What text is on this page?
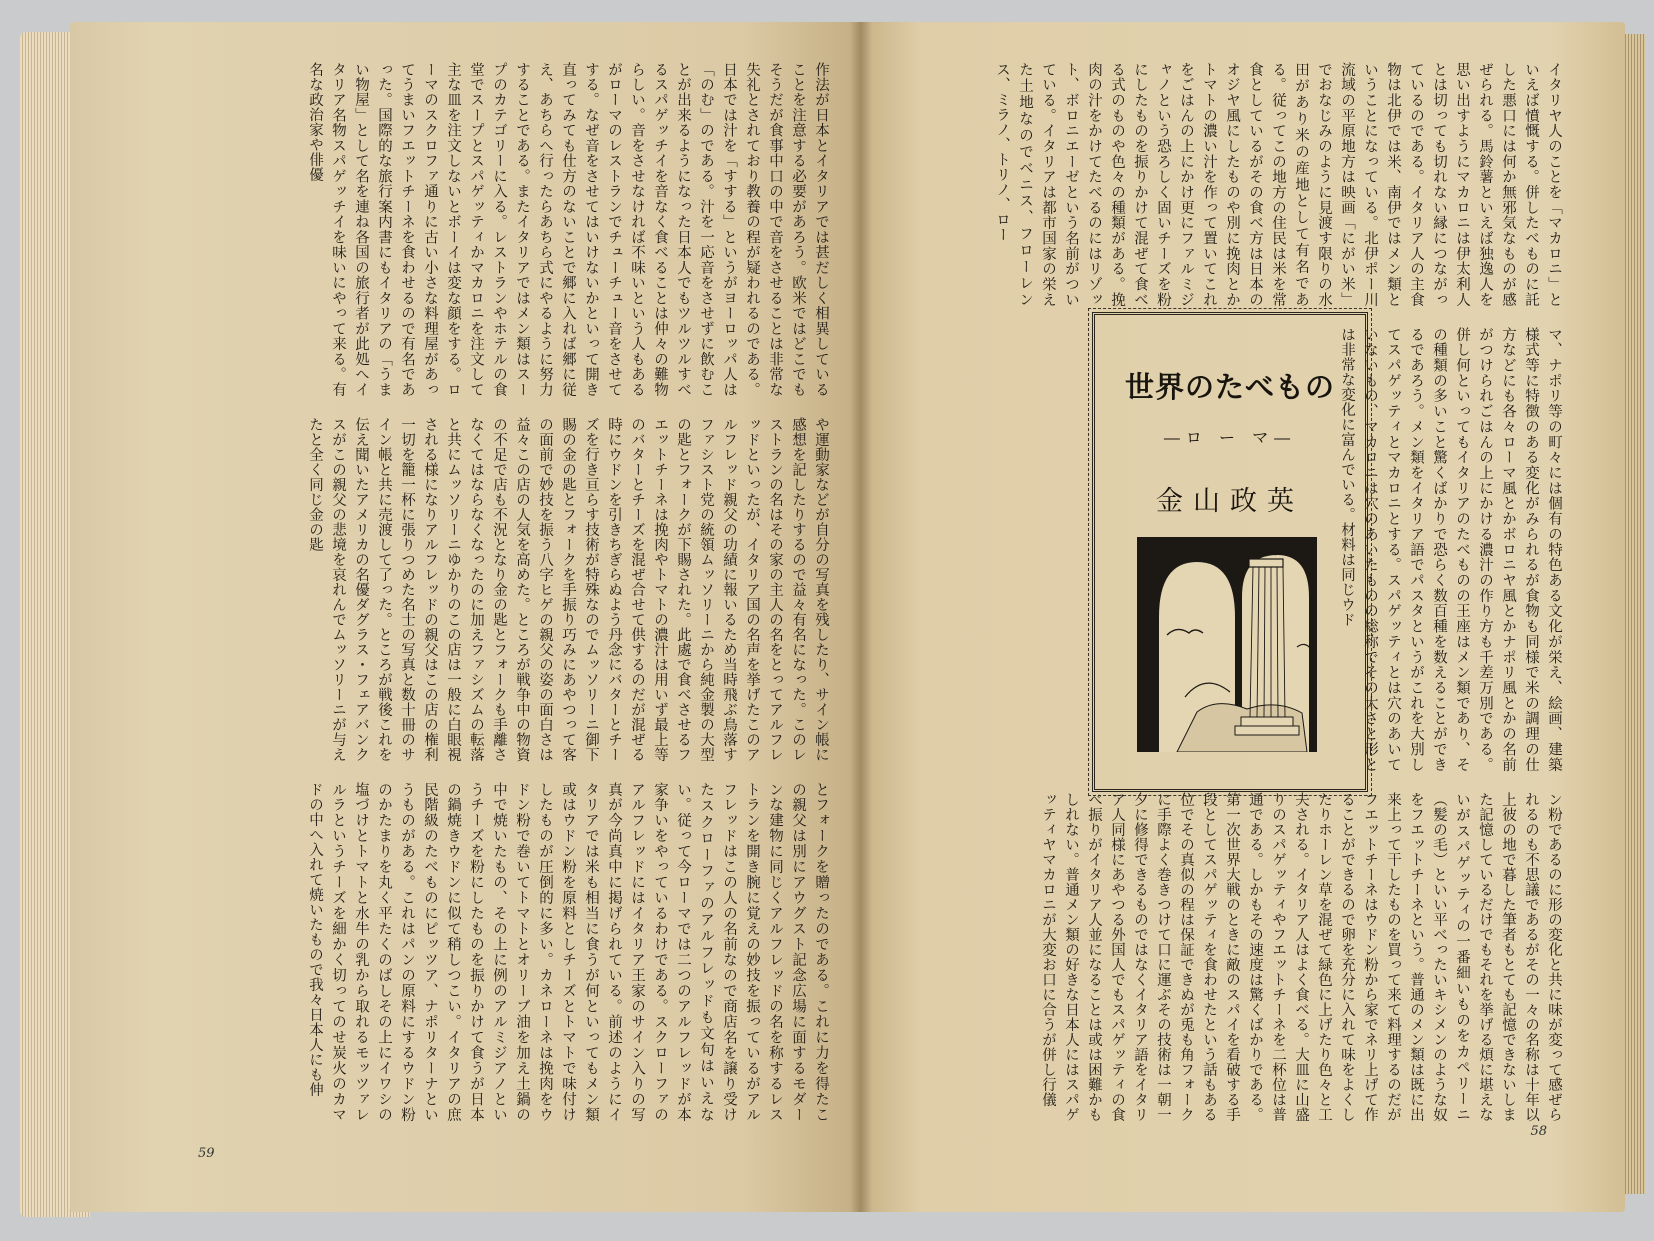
作法が日本とイタリアでは甚だしく相異していることを注意する必要があろう。欧米ではどこでもそうだが食事中口の中で音をさせることは非常な失礼とされており教養の程が疑われるのである。日本では汁を「すする」というがヨーロッパ人は「のむ」のである。汁を一応音をさせずに飲むことが出来るようになった日本人でもツルツルすべるスパゲッチイを音なく食べることは仲々の難物らしい。音をさせなければ不味いという人もあるがローマのレストランでチューチュー音をさせてする。なぜ音をさせてはいけないかといって開き直ってみても仕方のないことで郷に入れば郷に従え、あちらへ行ったらあちら式にやるように努力することである。またイタリアではメン類はスープのカテゴリーに入る。レストランやホテルの食堂でスープとスパゲッティかマカロニを注文して主な皿を注文しないとボーイは変な顔をする。ローマのスクロファ通りに古い小さな料理屋があってうまいフエットチーネを食わせるので有名であった。国際的な旅行案内書にもイタリアの「うまい物屋」として名を連ね各国の旅行者が此処へイタリア名物スパゲッチイを味いにやって来る。有名な政治家や俳優
や運動家などが自分の写真を残したり、サイン帳に感想を記したりするので益々有名になった。このレストランの名はその家の主人の名をとってアルフレッドといったが、イタリア国の名声を挙げたこのアルフレッド親父の功績に報いるため当時飛ぶ鳥落すファシスト党の統領ムッソリーニから純金製の大型の匙とフォークが下賜された。此處で食べさせるフエットチーネは挽肉やトマトの濃汁は用いず最上等のバターとチーズを混ぜ合せて供するのだが混ぜる時にウドンを引きちぎらぬよう丹念にバターとチーズを行き亘らす技術が特殊なのでムッソリーニ御下賜の金の匙とフォークを手振り巧みにあやつって客の面前で妙技を振う八字ヒゲの親父の姿の面白さは益々この店の人気を高めた。ところが戦争中の物資の不足で店も不況となり金の匙とフォークも手離さなくてはならなくなったのに加えファシズムの転落と共にムッソリーニゆかりのこの店は一般に白眼視される様になりアルフレッドの親父はこの店の権利一切を籠一杯に張りつめた名士の写真と数十冊のサイン帳と共に売渡して了った。ところが戦後これを伝え聞いたアメリカの名優ダグラス・フェアバンクスがこの親父の悲境を哀れんでムッソリーニが与えたと全く同じ金の匙
とフォークを贈ったのである。これに力を得たこの親父は別にアウグスト記念広場に面するモダーンな建物に同じくアルフレッドの名を称するレストランを開き腕に覚えの妙技を振っているがアルフレッドはこの人の名前なので商店名を譲り受けたスクローファのアルフレッドも文句はいえない。従って今ローマでは二つのアルフレッドが本家争いをやっているわけである。スクローファのアルフレッドにはイタリア王家のサイン入りの写真が今尚真中に掲げられている。前述のようにイタリアでは米も相当に食うが何といってもメン類或はウドン粉を原料としチーズとトマトで味付けしたものが圧倒的に多い。カネローネは挽肉をウドン粉で巻いてトマトとオリーブ油を加え土鍋の中で焼いたもの、その上に例のアルミジアノというチーズを粉にしたものを振りかけて食うが日本の鍋焼きウドンに似て稍しつこい。イタリアの庶民階級のたべものにピッツア、ナポリターナというものがある。これはパンの原料にするウドン粉のかたまりを丸く平たくのばしその上にイワシの塩づけとトマトと水牛の乳から取れるモッツァレルラというチーズを細かく切ってのせ炭火のカマドの中へ入れて焼いたもので我々日本人にも伸
59
イタリヤ人のことを「マカロニ」といえば憤慨する。併したべものに託した悪口には何か無邪気なものが感ぜられる。馬鈴薯といえば独逸人を思い出すようにマカロニは伊太利人とは切っても切れない縁につながっているのである。イタリア人の主食物は北伊では米、南伊ではメン類ということになっている。北伊ポー川流域の平原地方は映画「にがい米」でおなじみのように見渡す限りの水田があり米の産地として有名である。従ってこの地方の住民は米を常食としているがその食べ方は日本のオジヤ風にしたものや別に挽肉とかトマトの濃い汁を作って置いてこれをごはんの上にかけ更にファルミジャノという恐ろしく固いチーズを粉にしたものを振りかけて混ぜて食べる式のものや色々の種類がある。挽肉の汁をかけてたべるのにはリゾット、ボロニエーゼという名前がついている。イタリアは都市国家の栄えた土地なのでベニス、フローレンス、ミラノ、トリノ、ロー
マ、ナポリ等の町々には個有の特色ある文化が栄え、絵画、建築様式等に特徴のある変化がみられるが食物も同様で米の調理の仕方などにも各々ローマ風とかボロニヤ風とかナポリ風とかの名前がつけられごはんの上にかける濃汁の作り方も千差万別である。併し何といってもイタリアのたべものの王座はメン類であり、その種類の多いこと驚くばかりで恐らく数百種を数えることができるであろう。メン類をイタリア語でパスタというがこれを大別してスパゲッティとマカロニとする。スパゲッティとは穴のあいていないもの、マカロニは穴のあいたものの総称でその太さと形とは非常な変化に富んでいる。材料は同じウド
世界のたべもの
―ロ ー マ―
金山政英
ン粉であるのに形の変化と共に味が変って感ぜられるのも不思議であるがその一々の名称は十年以上彼の地で暮した筆者もとても記憶できないしまた記憶しているだけでもそれを挙げる煩に堪えないがスパゲッティの一番細いものをカペリーニ（髪の毛）といい平べったいキシメンのような奴をフエットチーネという。普通のメン類は既に出来上って干したものを買って来て料理するのだがフエットチーネはウドン粉から家でネリ上げて作ることができるので卵を充分に入れて味をよくしたりホーレン草を混ぜて緑色に上げたり色々と工夫される。イタリア人はよく食べる。大皿に山盛りのスパゲッティやフエットチーネを二杯位は普通である。しかもその速度は驚くばかりである。第一次世界大戦のときに敵のスパイを看破する手段としてスパゲッティを食わせたという話もある位でその真似の程は保証できぬが兎も角フォークに手際よく巻きつけて口に運ぶその技術は一朝一夕に修得できるものではなくイタリア語をイタリア人同様にあやつる外国人でもスパゲッティの食べ振りがイタリア人並になることは或は困難かもしれない。普通メン類の好きな日本人にはスパゲッティヤマカロニが大変お口に合うが併し行儀
58
